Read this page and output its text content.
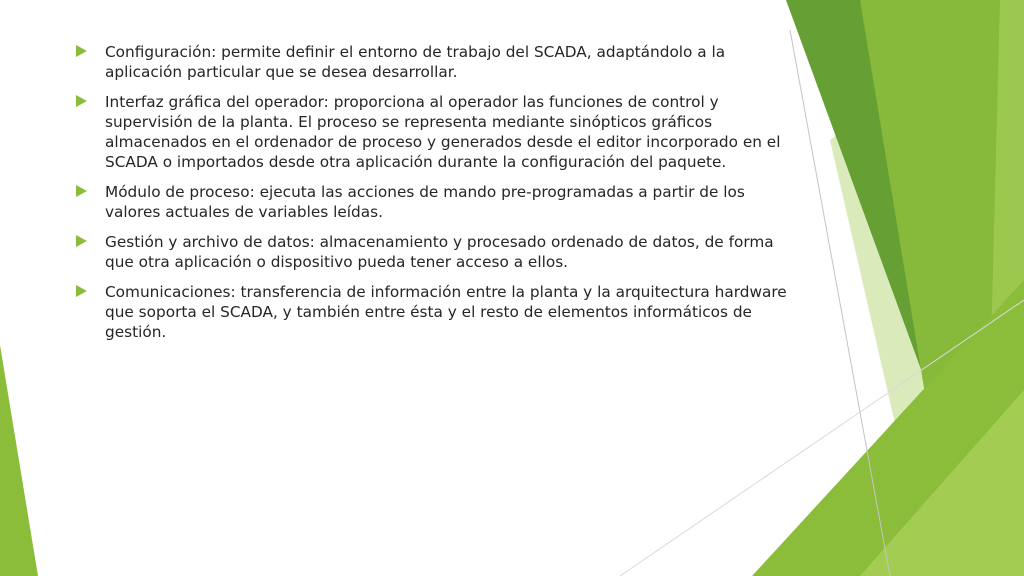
Configuración: permite definir el entorno de trabajo del SCADA, adaptándolo a la aplicación particular que se desea desarrollar.
Interfaz gráfica del operador: proporciona al operador las funciones de control y supervisión de la planta. El proceso se representa mediante sinópticos gráficos almacenados en el ordenador de proceso y generados desde el editor incorporado en el SCADA o importados desde otra aplicación durante la configuración del paquete.
Módulo de proceso: ejecuta las acciones de mando pre-programadas a partir de los valores actuales de variables leídas.
Gestión y archivo de datos: almacenamiento y procesado ordenado de datos, de forma que otra aplicación o dispositivo pueda tener acceso a ellos.
Comunicaciones: transferencia de información entre la planta y la arquitectura hardware que soporta el SCADA, y también entre ésta y el resto de elementos informáticos de gestión.
